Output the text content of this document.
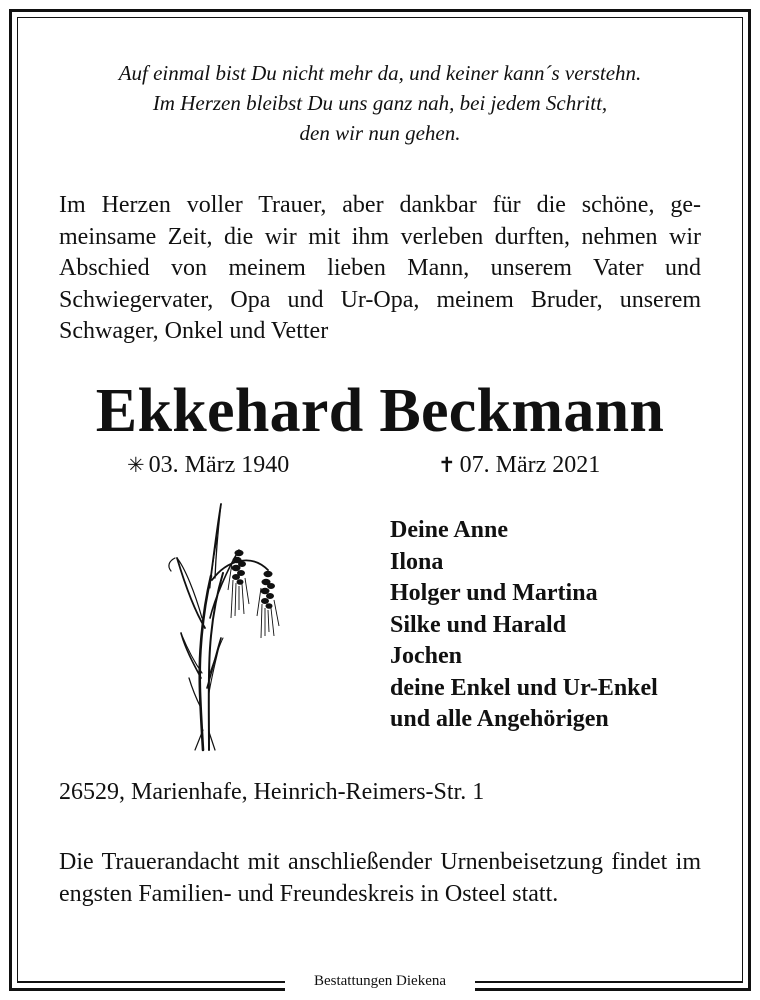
Auf einmal bist Du nicht mehr da, und keiner kann´s verstehn.
Im Herzen bleibst Du uns ganz nah, bei jedem Schritt,
den wir nun gehen.
Im Herzen voller Trauer, aber dankbar für die schöne, ge-meinsame Zeit, die wir mit ihm verleben durften, nehmen wir Abschied von meinem lieben Mann, unserem Vater und Schwiegervater, Opa und Ur-Opa, meinem Bruder, unserem Schwager, Onkel und Vetter
Ekkehard Beckmann
✳ 03. März 1940	✝ 07. März 2021
Deine Anne
Ilona
Holger und Martina
Silke und Harald
Jochen
deine Enkel und Ur-Enkel
und alle Angehörigen
26529, Marienhafe, Heinrich-Reimers-Str. 1
Die Trauerandacht mit anschließender Urnenbeisetzung findet im engsten Familien- und Freundeskreis in Osteel statt.
Bestattungen Diekena
